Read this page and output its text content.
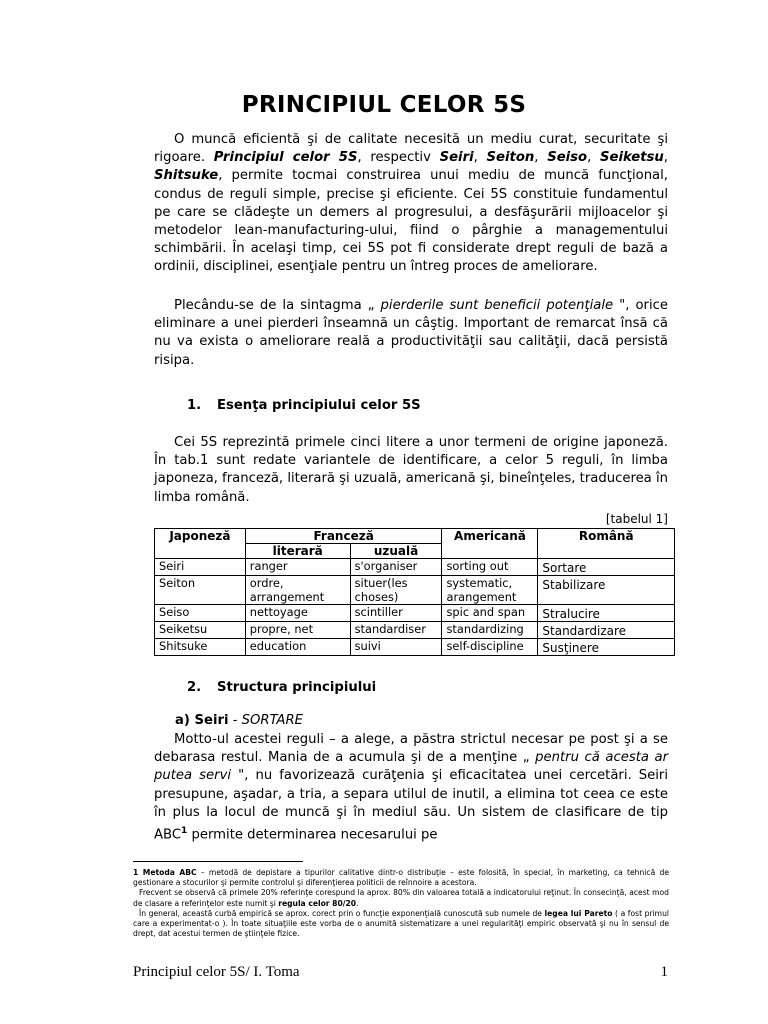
PRINCIPIUL CELOR 5S

O muncă eficientă şi de calitate necesită un mediu curat, securitate şi rigoare. Principiul celor 5S, respectiv Seiri, Seiton, Seiso, Seiketsu, Shitsuke, permite tocmai construirea unui mediu de muncă funcţional, condus de reguli simple, precise şi eficiente. Cei 5S constituie fundamentul pe care se clădeşte un demers al progresului, a desfăşurării mijloacelor şi metodelor lean-manufacturing-ului, fiind o pârghie a managementului schimbării. În acelaşi timp, cei 5S pot fi considerate drept reguli de bază a ordinii, disciplinei, esenţiale pentru un întreg proces de ameliorare.

Plecându-se de la sintagma „ pierderile sunt beneficii potenţiale ", orice eliminare a unei pierderi înseamnă un câştig. Important de remarcat însă că nu va exista o ameliorare reală a productivităţii sau calităţii, dacă persistă risipa.

1. Esenţa principiului celor 5S

Cei 5S reprezintă primele cinci litere a unor termeni de origine japoneză. În tab.1 sunt redate variantele de identificare, a celor 5 reguli, în limba japoneza, franceză, literară şi uzuală, americană şi, bineînţeles, traducerea în limba română.

[tabelul 1]
Japoneză	Franceză		Americană	Română
	literară	uzuală		
Seiri	ranger	s'organiser	sorting out	Sortare
Seiton	ordre, arrangement	situer(les choses)	systematic, arangement	Stabilizare
Seiso	nettoyage	scintiller	spic and span	Stralucire
Seiketsu	propre, net	standardiser	standardizing	Standardizare
Shitsuke	education	suivi	self-discipline	Susţinere
2. Structura principiului
a) Seiri - SORTARE

Motto-ul acestei reguli – a alege, a păstra strictul necesar pe post şi a se debarasa restul. Mania de a acumula şi de a menţine „ pentru că acesta ar putea servi ", nu favorizează curăţenia şi eficacitatea unei cercetări. Seiri presupune, aşadar, a tria, a separa utilul de inutil, a elimina tot ceea ce este în plus la locul de muncă şi în mediul său. Un sistem de clasificare de tip ABC$^1$ permite determinarea necesarului pe

1 Metoda ABC – metodă de depistare a tipurilor calitative dintr-o distribuţie – este folosită, în special, în marketing, ca tehnică de gestionare a stocurilor şi permite controlul şi diferenţierea politicii de reînnoire a acestora.

Frecvent se observă că primele 20% referinţe corespund la aprox. 80% din valoarea totală a indicatorului reţinut. În consecinţă, acest mod de clasare a referinţelor este numit şi regula celor 80/20.

În general, această curbă empirică se aprox. corect prin o funcţie exponenţială cunoscută sub numele de legea lui Pareto ( a fost primul care a experimentat-o ). În toate situaţiile este vorba de o anumită sistematizare a unei regularităţi empiric observată şi nu în sensul de drept, dat acestui termen de ştiinţele fizice.

Principiul celor 5S/ I. Toma	1
